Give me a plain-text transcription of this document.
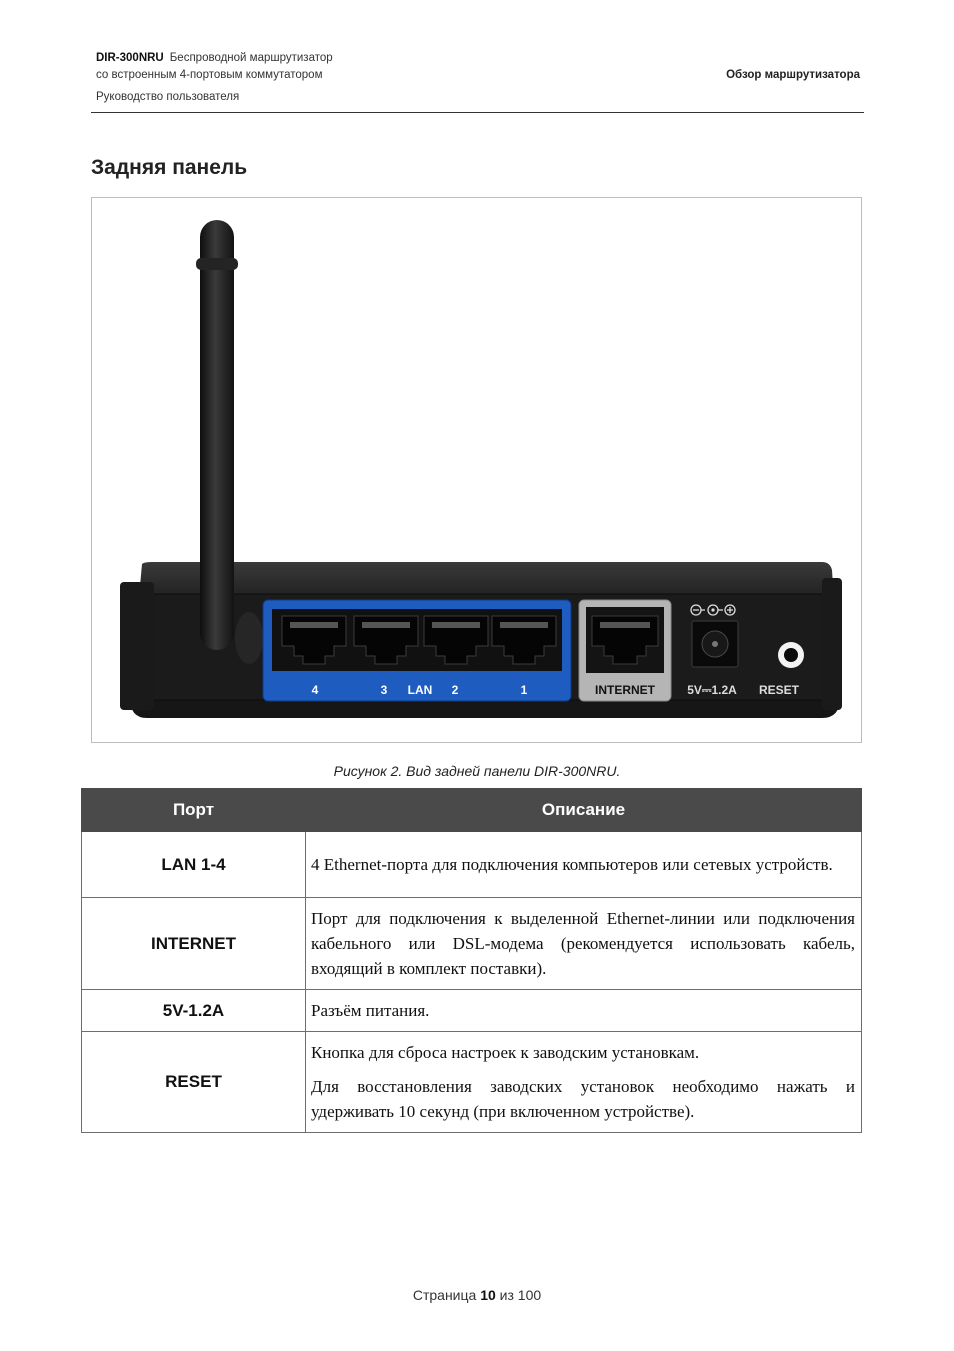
DIR-300NRU Беспроводной маршрутизатор
со встроенным 4-портовым коммутатором
Руководство пользователя
Обзор маршрутизатора
Задняя панель
4	3 LAN 2	1	INTERNET	5V⎓1.2A RESET
Рисунок 2. Вид задней панели DIR-300NRU.
Порт	Описание
LAN 1-4	4 Ethernet-порта для подключения компьютеров или сетевых устройств.

INTERNET	Порт для подключения к выделенной Ethernet-линии или подключения кабельного или DSL-модема (рекомендуется использовать кабель, входящий в комплект поставки).

5V-1.2A	Разъём питания.

RESET	Кнопка для сброса настроек к заводским установкам.

Для восстановления заводских установок необходимо нажать и удерживать 10 секунд (при включенном устройстве).

Страница 10 из 100
